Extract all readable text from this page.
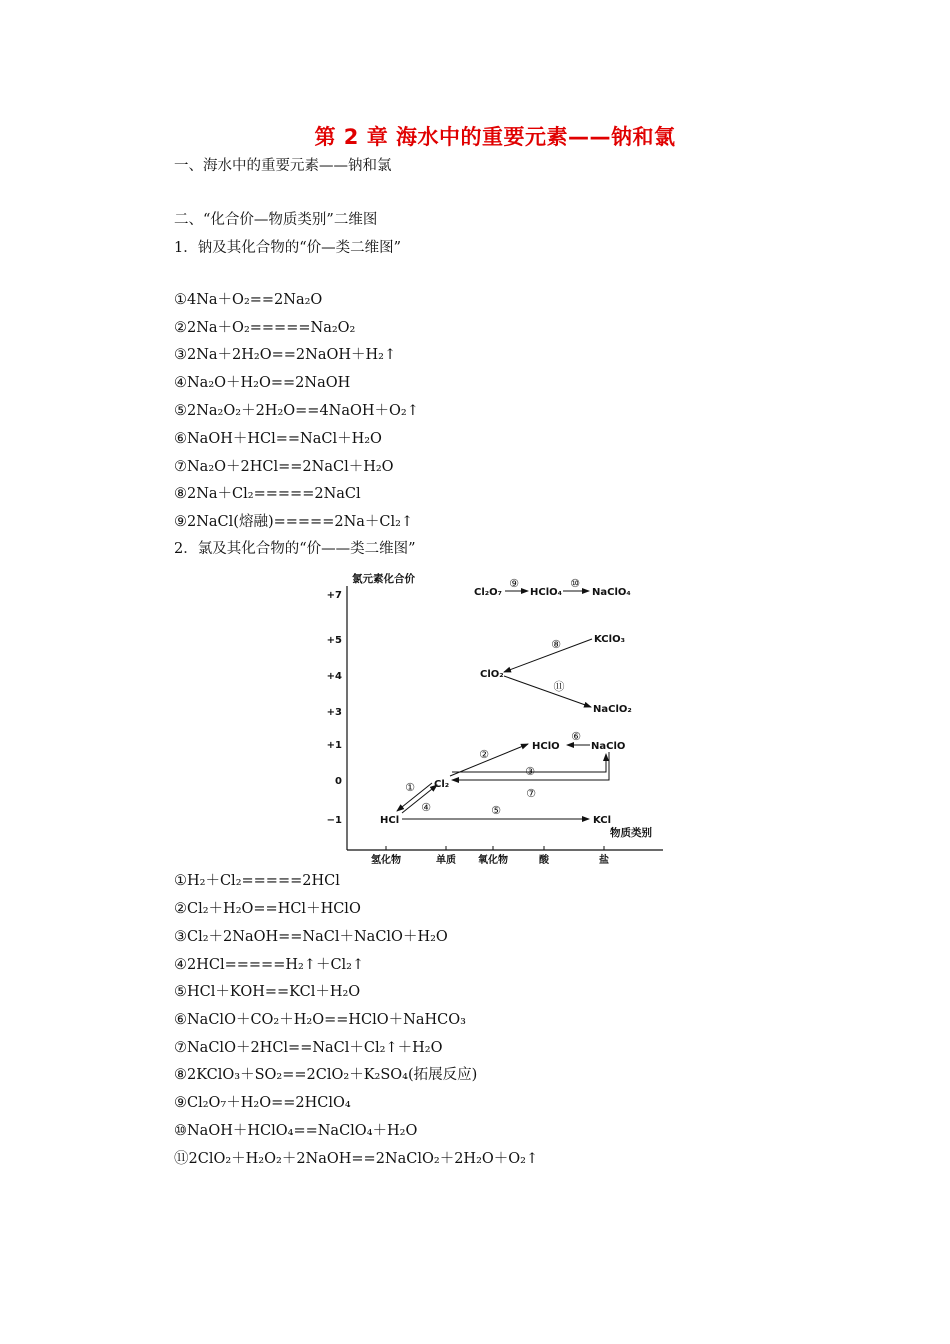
第 2 章 海水中的重要元素——钠和氯
一、海水中的重要元素——钠和氯
二、“化合价—物质类别”二维图
1．钠及其化合物的“价—类二维图”
①4Na＋O₂==2Na₂O
②2Na＋O₂=====Na₂O₂
③2Na＋2H₂O==2NaOH＋H₂↑
④Na₂O＋H₂O==2NaOH
⑤2Na₂O₂＋2H₂O==4NaOH＋O₂↑
⑥NaOH＋HCl==NaCl＋H₂O
⑦Na₂O＋2HCl==2NaCl＋H₂O
⑧2Na＋Cl₂=====2NaCl
⑨2NaCl(熔融)=====2Na＋Cl₂↑
2．氯及其化合物的“价——类二维图”
氯元素化合价
物质类别
+7
+5
+4
+3
+1
0
−1
氢化物	单质 氧化物	酸	盐
HCl
Cl₂
KCl
HClO	NaClO
ClO₂
KClO₃
NaClO₂
Cl₂O₇	HClO₄	NaClO₄
⑨	⑩
⑧
⑪
⑥
②
③
⑦
①
④	⑤
①H₂＋Cl₂=====2HCl
②Cl₂＋H₂O==HCl＋HClO
③Cl₂＋2NaOH==NaCl＋NaClO＋H₂O
④2HCl=====H₂↑＋Cl₂↑
⑤HCl＋KOH==KCl＋H₂O
⑥NaClO＋CO₂＋H₂O==HClO＋NaHCO₃
⑦NaClO＋2HCl==NaCl＋Cl₂↑＋H₂O
⑧2KClO₃＋SO₂==2ClO₂＋K₂SO₄(拓展反应)
⑨Cl₂O₇＋H₂O==2HClO₄
⑩NaOH＋HClO₄==NaClO₄＋H₂O
⑪2ClO₂＋H₂O₂＋2NaOH==2NaClO₂＋2H₂O＋O₂↑
